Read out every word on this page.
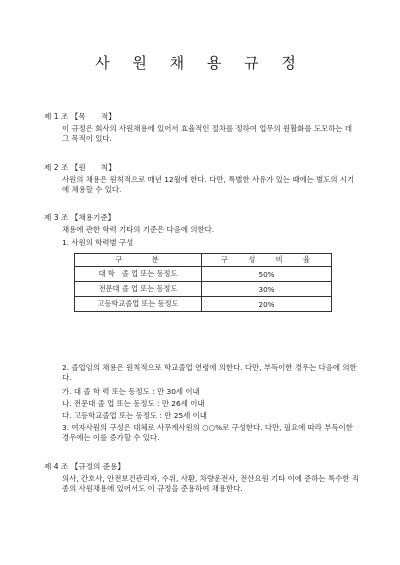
사 원 채 용 규 정
제 1 조 【목　　적】
이 규정은 회사의 사원채용에 있어서 효율적인 절차를 정하여 업무의 원활화를 도모하는 데 그 목적이 있다.
제 2 조 【원　　칙】
사원의 채용은 원칙적으로 매년 12월에 한다. 다만, 특별한 사유가 있는 때에는 별도의 시기에 채용할 수 있다.
제 3 조 【채용기준】
채용에 관한 학력 기타의 기준은 다음에 의한다.
1. 사원의 학력별 구성
구　　　분	구　　성　　비　　율
대 학　졸 업 또는 동정도	50%
전문대 졸 업 또는 동정도	30%
고등학교졸업 또는 동정도	20%
2. 졸업임의 채용은 원칙적으로 학교졸업 연령에 의한다. 다만, 부득이한 경우는 다음에 의한다.
가. 대 졸 학 력 또는 동정도 : 만 30세 이내
나. 전문대 졸 업 또는 동정도 : 만 26세 이내
다. 고등학교졸업 또는 동정도 : 만 25세 이내
3. 여자사원의 구성은 대체로 사무계사원의 ○○%로 구성한다. 다만, 필요에 따라 부득이한 경우에는 이를 증가할 수 있다.
제 4 조 【규정의 준용】
의사, 간호사, 안전보건관리자, 수위, 사환, 차량운전사, 전산요원 기타 이에 준하는 특수한 직종의 사원채용에 있어서도 이 규정을 준용하여 채용한다.
